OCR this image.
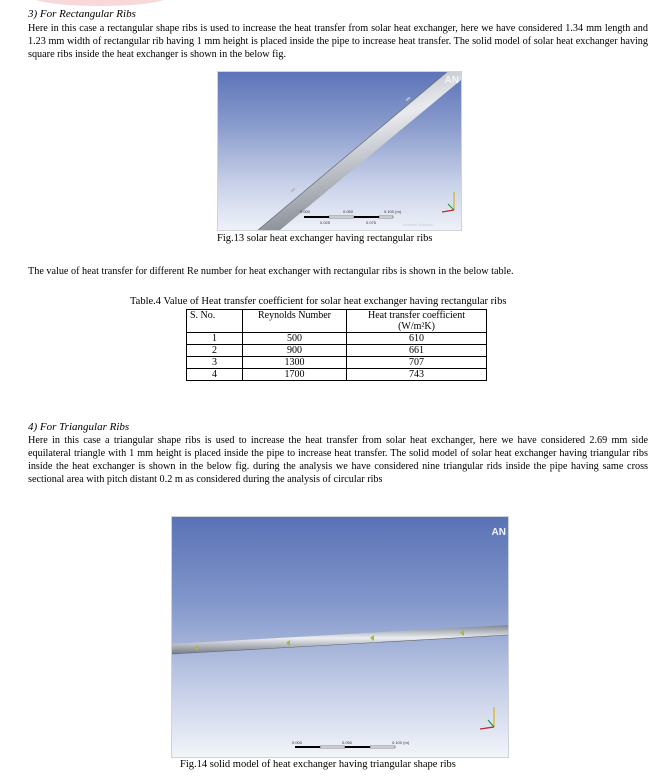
3) For Rectangular Ribs

Here in this case a rectangular shape ribs is used to increase the heat transfer from solar heat exchanger, here we have considered 1.34 mm length and 1.23 mm width of rectangular rib having 1 mm height is placed inside the pipe to increase heat transfer. The solid model of solar heat exchanger having square ribs inside the heat exchanger is shown in the below fig.

AN
0.000	0.050	0.100 (m)
0.025	0.075	Activate Window
Fig.13 solar heat exchanger having rectangular ribs

The value of heat transfer for different Re number for heat exchanger with rectangular ribs is shown in the below table.

Table.4 Value of Heat transfer coefficient for solar heat exchanger having rectangular ribs
S. No.	Reynolds Number	Heat transfer coefficient
(W/m²K)

1	500	610
2	900	661
3	1300	707
4	1700	743
4) For Triangular Ribs

Here in this case a triangular shape ribs is used to increase the heat transfer from solar heat exchanger, here we have considered 2.69 mm side equilateral triangle with 1 mm height is placed inside the pipe to increase heat transfer. The solid model of solar heat exchanger having triangular ribs inside the heat exchanger is shown in the below fig. during the analysis we have considered nine triangular rids inside the pipe having same cross sectional area with pitch distant 0.2 m as considered during the analysis of circular ribs

AN
0.000	0.050	0.100 (m)
Fig.14 solid model of heat exchanger having triangular shape ribs
